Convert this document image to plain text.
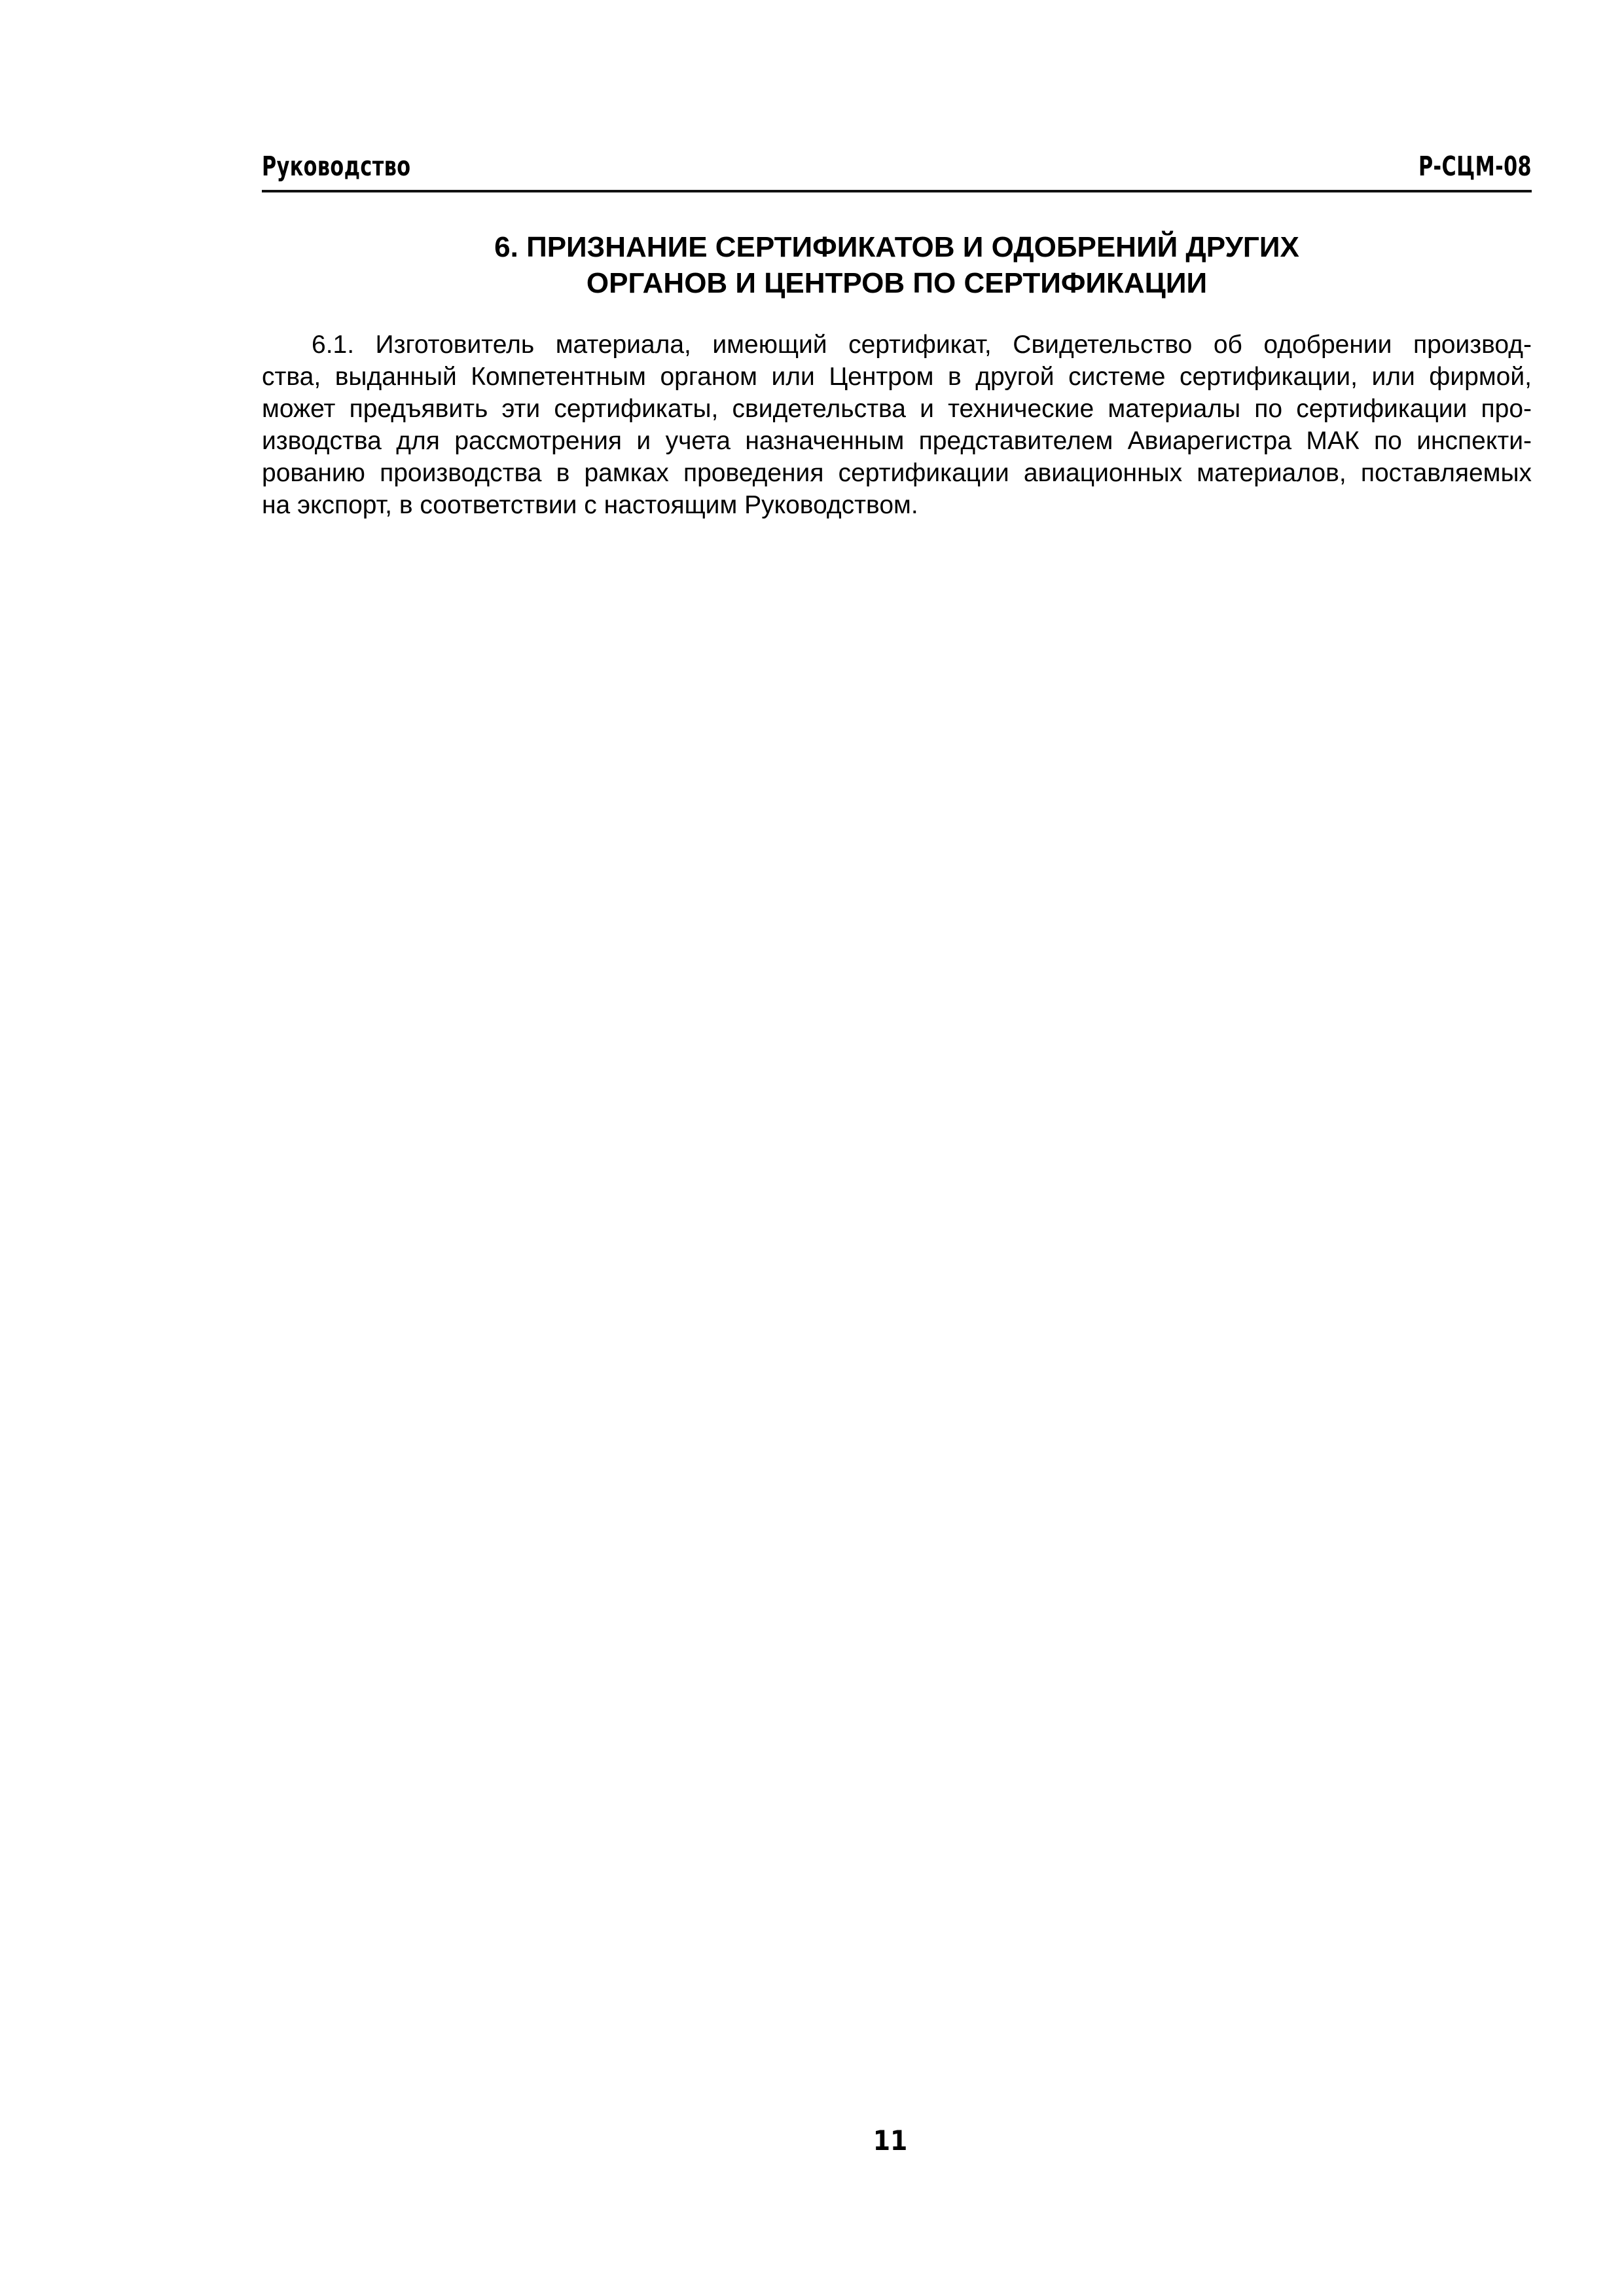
Руководство	Р-СЦМ-08
6. ПРИЗНАНИЕ СЕРТИФИКАТОВ И ОДОБРЕНИЙ ДРУГИХ
ОРГАНОВ И ЦЕНТРОВ ПО СЕРТИФИКАЦИИ

6.1. Изготовитель материала, имеющий сертификат, Свидетельство об одобрении производ-
ства, выданный Компетентным органом или Центром в другой системе сертификации, или фирмой,
может предъявить эти сертификаты, свидетельства и технические материалы по сертификации про-
изводства для рассмотрения и учета назначенным представителем Авиарегистра МАК по инспекти-
рованию производства в рамках проведения сертификации авиационных материалов, поставляемых
на экспорт, в соответствии с настоящим Руководством.

11
